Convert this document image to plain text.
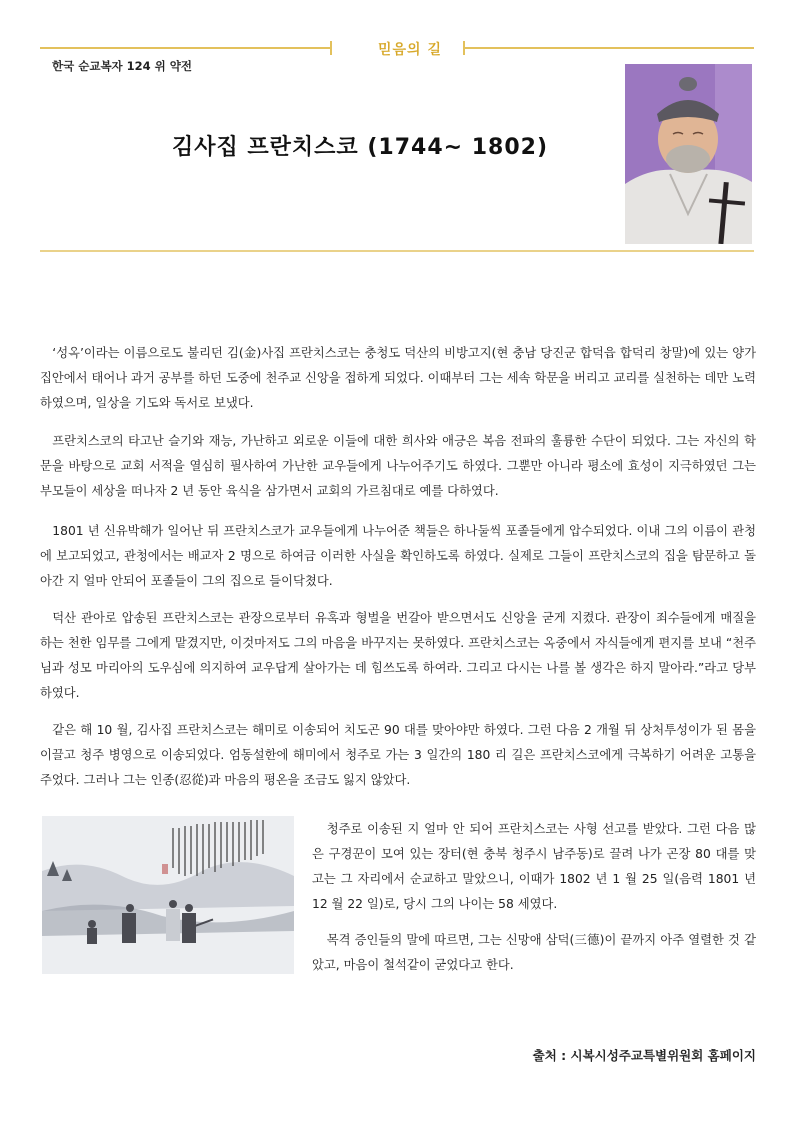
믿음의 길
한국 순교복자 124 위 약전
김사집 프란치스코 (1744~ 1802)

‘성옥’이라는 이름으로도 불리던 김(金)사집 프란치스코는 충청도 덕산의 비방고지(현 충남 당진군 합덕읍 합덕리 창말)에 있는 양가 집안에서 태어나 과거 공부를 하던 도중에 천주교 신앙을 접하게 되었다. 이때부터 그는 세속 학문을 버리고 교리를 실천하는 데만 노력하였으며, 일상을 기도와 독서로 보냈다.

프란치스코의 타고난 슬기와 재능, 가난하고 외로운 이들에 대한 희사와 애긍은 복음 전파의 훌륭한 수단이 되었다. 그는 자신의 학문을 바탕으로 교회 서적을 열심히 필사하여 가난한 교우들에게 나누어주기도 하였다. 그뿐만 아니라 평소에 효성이 지극하였던 그는 부모들이 세상을 떠나자 2 년 동안 육식을 삼가면서 교회의 가르침대로 예를 다하였다.

1801 년 신유박해가 일어난 뒤 프란치스코가 교우들에게 나누어준 책들은 하나둘씩 포졸들에게 압수되었다. 이내 그의 이름이 관청에 보고되었고, 관청에서는 배교자 2 명으로 하여금 이러한 사실을 확인하도록 하였다. 실제로 그들이 프란치스코의 집을 탐문하고 돌아간 지 얼마 안되어 포졸들이 그의 집으로 들이닥쳤다.

덕산 관아로 압송된 프란치스코는 관장으로부터 유혹과 형벌을 번갈아 받으면서도 신앙을 굳게 지켰다. 관장이 죄수들에게 매질을 하는 천한 임무를 그에게 맡겼지만, 이것마저도 그의 마음을 바꾸지는 못하였다. 프란치스코는 옥중에서 자식들에게 편지를 보내 “천주님과 성모 마리아의 도우심에 의지하여 교우답게 살아가는 데 힘쓰도록 하여라. 그리고 다시는 나를 볼 생각은 하지 말아라.”라고 당부하였다.

같은 해 10 월, 김사집 프란치스코는 해미로 이송되어 치도곤 90 대를 맞아야만 하였다. 그런 다음 2 개월 뒤 상처투성이가 된 몸을 이끌고 청주 병영으로 이송되었다. 엄동설한에 해미에서 청주로 가는 3 일간의 180 리 길은 프란치스코에게 극복하기 어려운 고통을 주었다. 그러나 그는 인종(忍從)과 마음의 평온을 조금도 잃지 않았다.

청주로 이송된 지 얼마 안 되어 프란치스코는 사형 선고를 받았다. 그런 다음 많은 구경꾼이 모여 있는 장터(현 충북 청주시 남주동)로 끌려 나가 곤장 80 대를 맞고는 그 자리에서 순교하고 말았으니, 이때가 1802 년 1 월 25 일(음력 1801 년 12 월 22 일)로, 당시 그의 나이는 58 세였다.

목격 증인들의 말에 따르면, 그는 신망애 삼덕(三德)이 끝까지 아주 열렬한 것 같았고, 마음이 철석같이 굳었다고 한다.

출처 : 시복시성주교특별위원회 홈페이지
